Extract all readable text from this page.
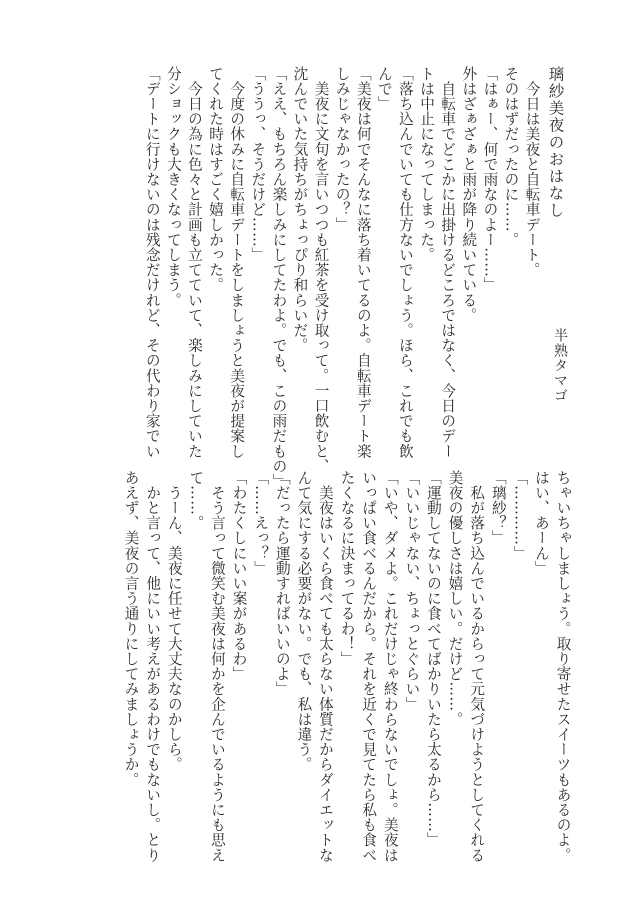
璃紗美夜のおはなし
半熟タマゴ
　今日は美夜と自転車デート。
そのはずだったのに……。
「はぁー、何で雨なのよー……」
外はざぁざぁと雨が降り続いている。
　自転車でどこかに出掛けるどころではなく、今日のデー
トは中止になってしまった。
「落ち込んでいても仕方ないでしょう。ほら、これでも飲
んで」
「美夜は何でそんなに落ち着いてるのよ。自転車デート楽
しみじゃなかったの？」
　美夜に文句を言いつつも紅茶を受け取って。一口飲むと、
沈んでいた気持ちがちょっぴり和らいだ。
「ええ、もちろん楽しみにしてたわよ。でも、この雨だもの」
「ううっ、そうだけど……」
　今度の休みに自転車デートをしましょうと美夜が提案し
てくれた時はすごく嬉しかった。
　今日の為に色々と計画も立てていて、楽しみにしていた
分ショックも大きくなってしまう。
「デートに行けないのは残念だけれど、その代わり家でい
ちゃいちゃしましょう。取り寄せたスイーツもあるのよ。
はい、あーん」
「…………」
「璃紗？」
　私が落ち込んでいるからって元気づけようとしてくれる
美夜の優しさは嬉しい。だけど……。
「運動してないのに食べてばかりいたら太るから……」
「いいじゃない、ちょっとぐらい」
「いや、ダメよ。これだけじゃ終わらないでしょ。美夜は
いっぱい食べるんだから。それを近くで見てたら私も食べ
たくなるに決まってるわ！」
　美夜はいくら食べても太らない体質だからダイエットな
んて気にする必要がない。でも、私は違う。
「だったら運動すればいいのよ」
「……えっ？」
「わたくしにいい案があるわ」
　そう言って微笑む美夜は何かを企んでいるようにも思え
て……。
　うーん、美夜に任せて大丈夫なのかしら。
　かと言って、他にいい考えがあるわけでもないし。とり
あえず、美夜の言う通りにしてみましょうか。
